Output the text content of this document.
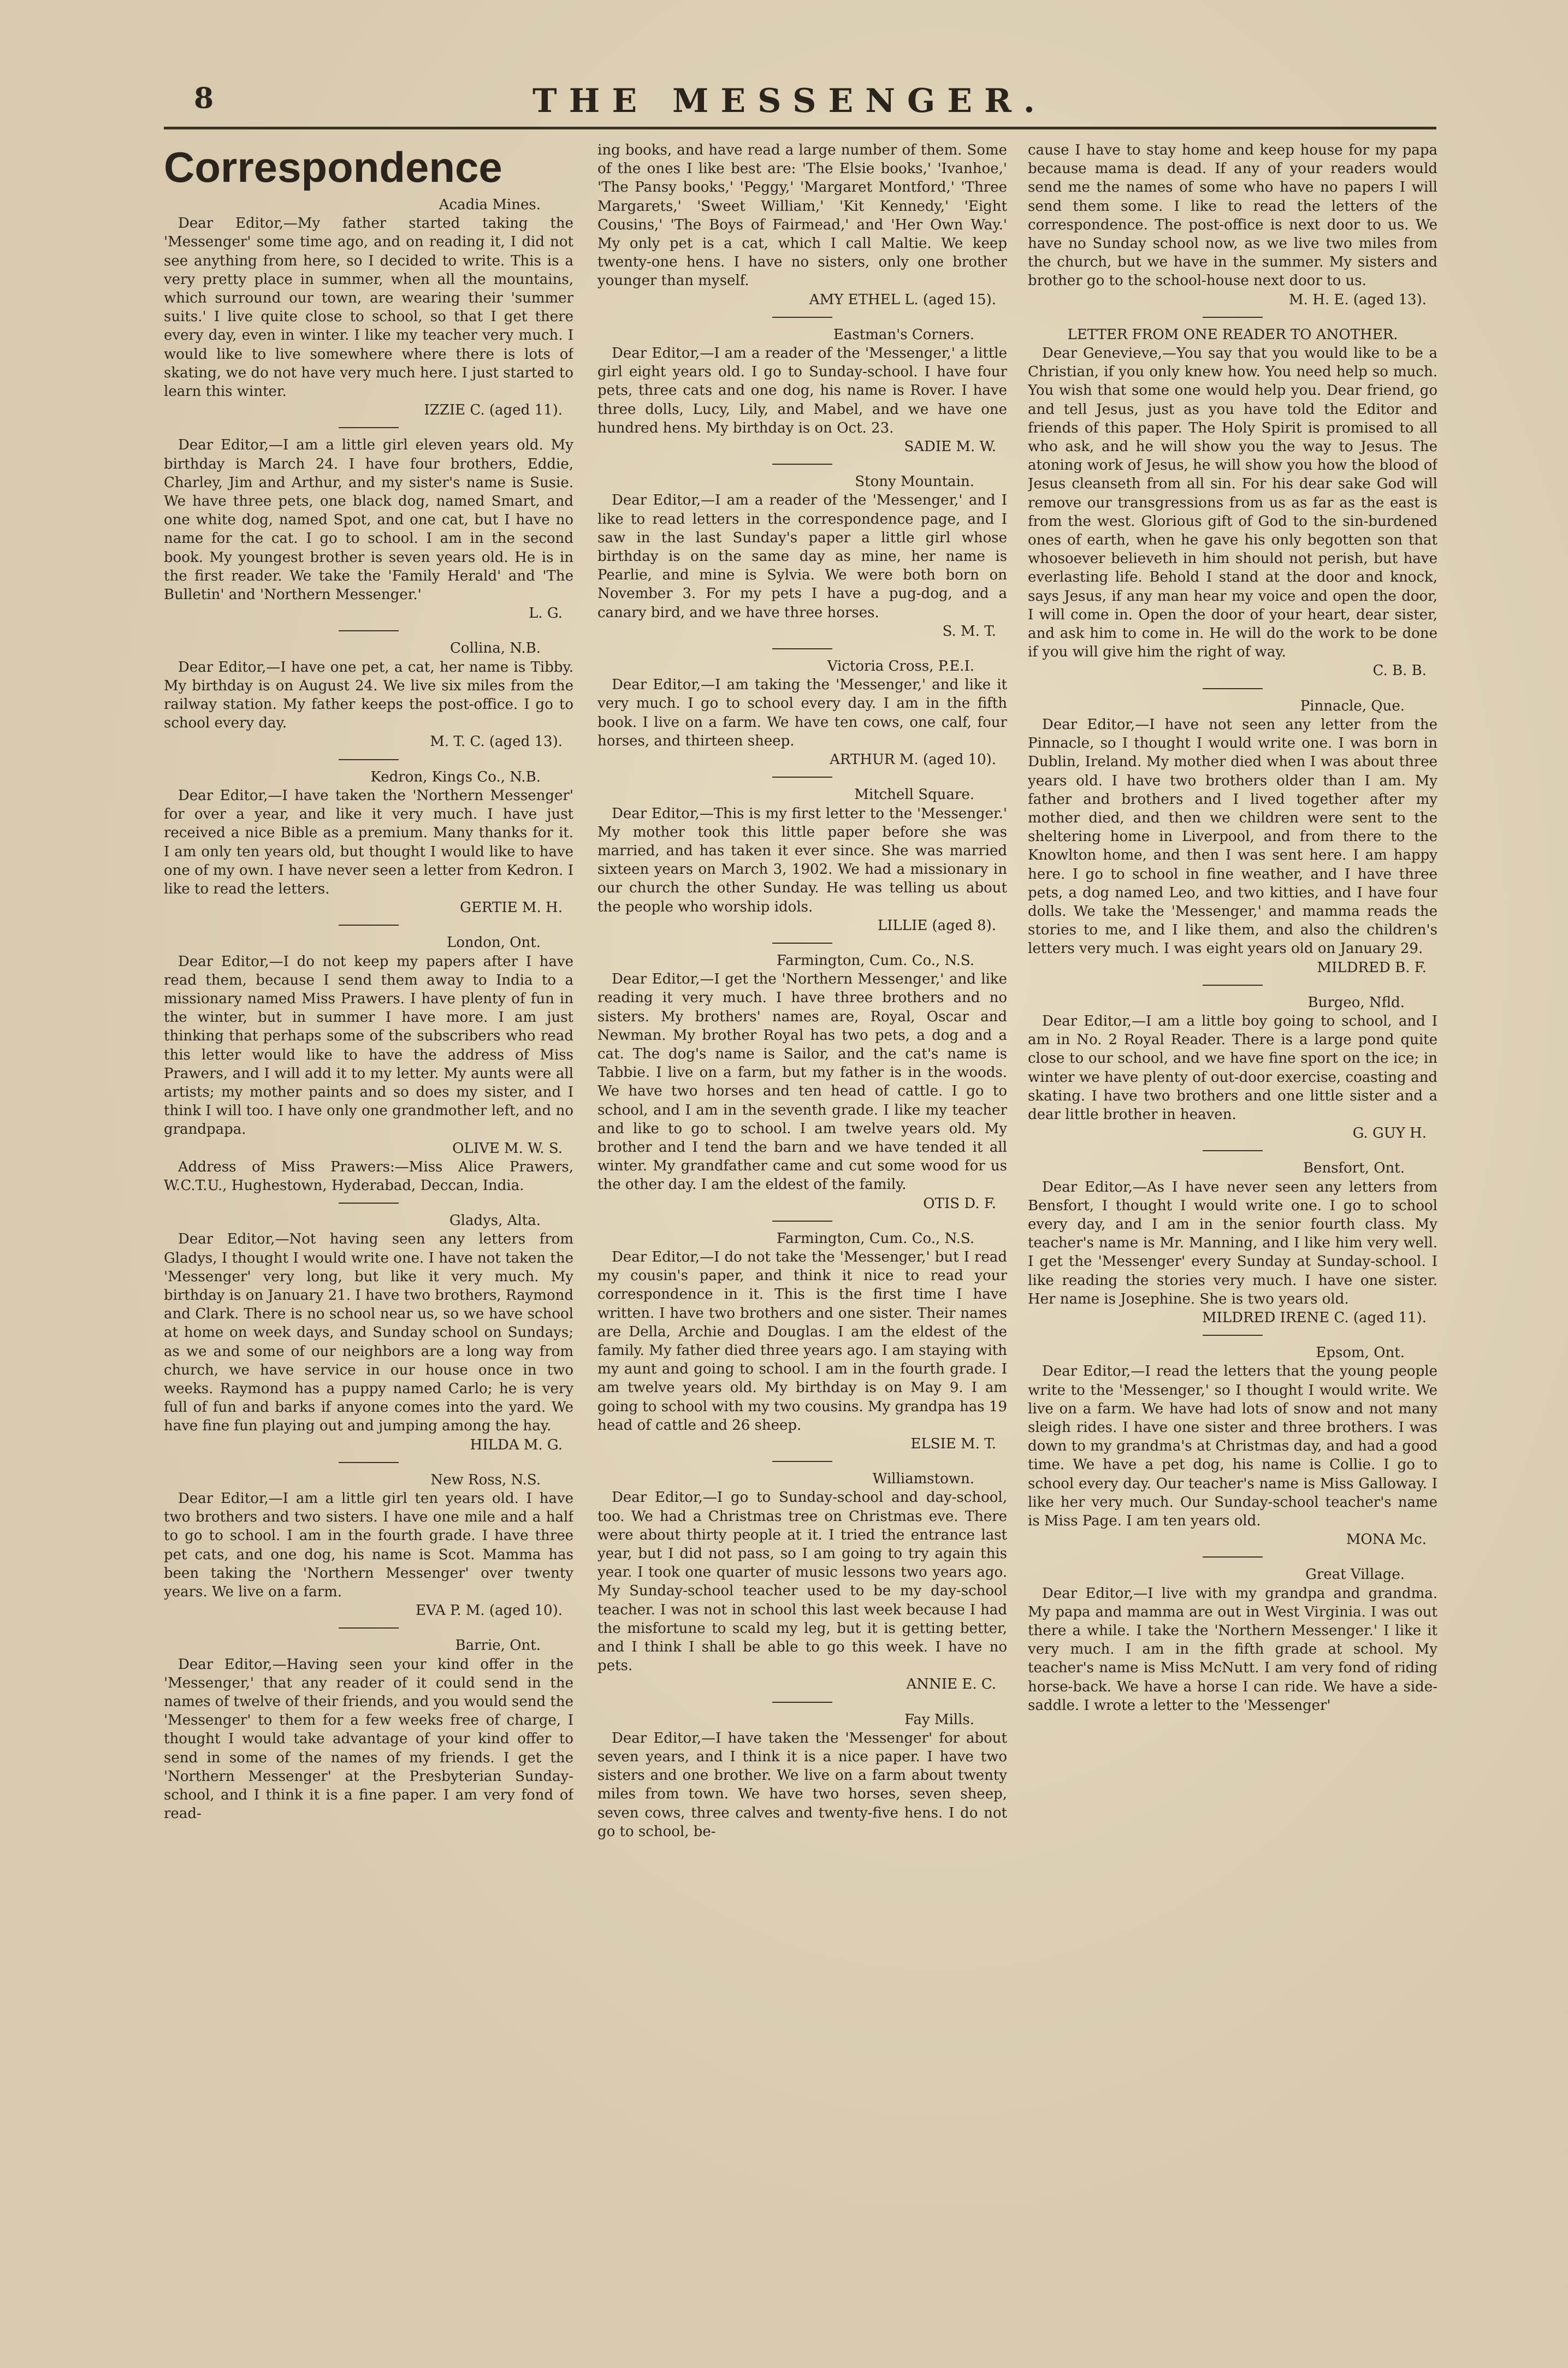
8	THE MESSENGER.
Correspondence

Acadia Mines.

Dear Editor,—My father started taking the 'Messenger' some time ago, and on reading it, I did not see anything from here, so I decided to write. This is a very pretty place in summer, when all the mountains, which surround our town, are wearing their 'summer suits.' I live quite close to school, so that I get there every day, even in winter. I like my teacher very much. I would like to live somewhere where there is lots of skating, we do not have very much here. I just started to learn this winter.

IZZIE C. (aged 11).

Dear Editor,—I am a little girl eleven years old. My birthday is March 24. I have four brothers, Eddie, Charley, Jim and Arthur, and my sister's name is Susie. We have three pets, one black dog, named Smart, and one white dog, named Spot, and one cat, but I have no name for the cat. I go to school. I am in the second book. My youngest brother is seven years old. He is in the first reader. We take the 'Family Herald' and 'The Bulletin' and 'Northern Messenger.'

L. G.

Collina, N.B.

Dear Editor,—I have one pet, a cat, her name is Tibby. My birthday is on August 24. We live six miles from the railway station. My father keeps the post-office. I go to school every day.

M. T. C. (aged 13).

Kedron, Kings Co., N.B.

Dear Editor,—I have taken the 'Northern Messenger' for over a year, and like it very much. I have just received a nice Bible as a premium. Many thanks for it. I am only ten years old, but thought I would like to have one of my own. I have never seen a letter from Kedron. I like to read the letters.

GERTIE M. H.

London, Ont.

Dear Editor,—I do not keep my papers after I have read them, because I send them away to India to a missionary named Miss Prawers. I have plenty of fun in the winter, but in summer I have more. I am just thinking that perhaps some of the subscribers who read this letter would like to have the address of Miss Prawers, and I will add it to my letter. My aunts were all artists; my mother paints and so does my sister, and I think I will too. I have only one grandmother left, and no grandpapa.

OLIVE M. W. S.

Address of Miss Prawers:—Miss Alice Prawers, W.C.T.U., Hughestown, Hyderabad, Deccan, India.

Gladys, Alta.

Dear Editor,—Not having seen any letters from Gladys, I thought I would write one. I have not taken the 'Messenger' very long, but like it very much. My birthday is on January 21. I have two brothers, Raymond and Clark. There is no school near us, so we have school at home on week days, and Sunday school on Sundays; as we and some of our neighbors are a long way from church, we have service in our house once in two weeks. Raymond has a puppy named Carlo; he is very full of fun and barks if anyone comes into the yard. We have fine fun playing out and jumping among the hay.

HILDA M. G.

New Ross, N.S.

Dear Editor,—I am a little girl ten years old. I have two brothers and two sisters. I have one mile and a half to go to school. I am in the fourth grade. I have three pet cats, and one dog, his name is Scot. Mamma has been taking the 'Northern Messenger' over twenty years. We live on a farm.

EVA P. M. (aged 10).

Barrie, Ont.

Dear Editor,—Having seen your kind offer in the 'Messenger,' that any reader of it could send in the names of twelve of their friends, and you would send the 'Messenger' to them for a few weeks free of charge, I thought I would take advantage of your kind offer to send in some of the names of my friends. I get the 'Northern Messenger' at the Presbyterian Sunday-school, and I think it is a fine paper. I am very fond of read-

ing books, and have read a large number of them. Some of the ones I like best are: 'The Elsie books,' 'Ivanhoe,' 'The Pansy books,' 'Peggy,' 'Margaret Montford,' 'Three Margarets,' 'Sweet William,' 'Kit Kennedy,' 'Eight Cousins,' 'The Boys of Fairmead,' and 'Her Own Way.' My only pet is a cat, which I call Maltie. We keep twenty-one hens. I have no sisters, only one brother younger than myself.

AMY ETHEL L. (aged 15).

Eastman's Corners.

Dear Editor,—I am a reader of the 'Messenger,' a little girl eight years old. I go to Sunday-school. I have four pets, three cats and one dog, his name is Rover. I have three dolls, Lucy, Lily, and Mabel, and we have one hundred hens. My birthday is on Oct. 23.

SADIE M. W.

Stony Mountain.

Dear Editor,—I am a reader of the 'Messenger,' and I like to read letters in the correspondence page, and I saw in the last Sunday's paper a little girl whose birthday is on the same day as mine, her name is Pearlie, and mine is Sylvia. We were both born on November 3. For my pets I have a pug-dog, and a canary bird, and we have three horses.

S. M. T.

Victoria Cross, P.E.I.

Dear Editor,—I am taking the 'Messenger,' and like it very much. I go to school every day. I am in the fifth book. I live on a farm. We have ten cows, one calf, four horses, and thirteen sheep.

ARTHUR M. (aged 10).

Mitchell Square.

Dear Editor,—This is my first letter to the 'Messenger.' My mother took this little paper before she was married, and has taken it ever since. She was married sixteen years on March 3, 1902. We had a missionary in our church the other Sunday. He was telling us about the people who worship idols.

LILLIE (aged 8).

Farmington, Cum. Co., N.S.

Dear Editor,—I get the 'Northern Messenger,' and like reading it very much. I have three brothers and no sisters. My brothers' names are, Royal, Oscar and Newman. My brother Royal has two pets, a dog and a cat. The dog's name is Sailor, and the cat's name is Tabbie. I live on a farm, but my father is in the woods. We have two horses and ten head of cattle. I go to school, and I am in the seventh grade. I like my teacher and like to go to school. I am twelve years old. My brother and I tend the barn and we have tended it all winter. My grandfather came and cut some wood for us the other day. I am the eldest of the family.

OTIS D. F.

Farmington, Cum. Co., N.S.

Dear Editor,—I do not take the 'Messenger,' but I read my cousin's paper, and think it nice to read your correspondence in it. This is the first time I have written. I have two brothers and one sister. Their names are Della, Archie and Douglas. I am the eldest of the family. My father died three years ago. I am staying with my aunt and going to school. I am in the fourth grade. I am twelve years old. My birthday is on May 9. I am going to school with my two cousins. My grandpa has 19 head of cattle and 26 sheep.

ELSIE M. T.

Williamstown.

Dear Editor,—I go to Sunday-school and day-school, too. We had a Christmas tree on Christmas eve. There were about thirty people at it. I tried the entrance last year, but I did not pass, so I am going to try again this year. I took one quarter of music lessons two years ago. My Sunday-school teacher used to be my day-school teacher. I was not in school this last week because I had the misfortune to scald my leg, but it is getting better, and I think I shall be able to go this week. I have no pets.

ANNIE E. C.

Fay Mills.

Dear Editor,—I have taken the 'Messenger' for about seven years, and I think it is a nice paper. I have two sisters and one brother. We live on a farm about twenty miles from town. We have two horses, seven sheep, seven cows, three calves and twenty-five hens. I do not go to school, be-

cause I have to stay home and keep house for my papa because mama is dead. If any of your readers would send me the names of some who have no papers I will send them some. I like to read the letters of the correspondence. The post-office is next door to us. We have no Sunday school now, as we live two miles from the church, but we have in the summer. My sisters and brother go to the school-house next door to us.

M. H. E. (aged 13).

LETTER FROM ONE READER TO ANOTHER.

Dear Genevieve,—You say that you would like to be a Christian, if you only knew how. You need help so much. You wish that some one would help you. Dear friend, go and tell Jesus, just as you have told the Editor and friends of this paper. The Holy Spirit is promised to all who ask, and he will show you the way to Jesus. The atoning work of Jesus, he will show you how the blood of Jesus cleanseth from all sin. For his dear sake God will remove our transgressions from us as far as the east is from the west. Glorious gift of God to the sin-burdened ones of earth, when he gave his only begotten son that whosoever believeth in him should not perish, but have everlasting life. Behold I stand at the door and knock, says Jesus, if any man hear my voice and open the door, I will come in. Open the door of your heart, dear sister, and ask him to come in. He will do the work to be done if you will give him the right of way.

C. B. B.

Pinnacle, Que.

Dear Editor,—I have not seen any letter from the Pinnacle, so I thought I would write one. I was born in Dublin, Ireland. My mother died when I was about three years old. I have two brothers older than I am. My father and brothers and I lived together after my mother died, and then we children were sent to the sheltering home in Liverpool, and from there to the Knowlton home, and then I was sent here. I am happy here. I go to school in fine weather, and I have three pets, a dog named Leo, and two kitties, and I have four dolls. We take the 'Messenger,' and mamma reads the stories to me, and I like them, and also the children's letters very much. I was eight years old on January 29.

MILDRED B. F.

Burgeo, Nfld.

Dear Editor,—I am a little boy going to school, and I am in No. 2 Royal Reader. There is a large pond quite close to our school, and we have fine sport on the ice; in winter we have plenty of out-door exercise, coasting and skating. I have two brothers and one little sister and a dear little brother in heaven.

G. GUY H.

Bensfort, Ont.

Dear Editor,—As I have never seen any letters from Bensfort, I thought I would write one. I go to school every day, and I am in the senior fourth class. My teacher's name is Mr. Manning, and I like him very well. I get the 'Messenger' every Sunday at Sunday-school. I like reading the stories very much. I have one sister. Her name is Josephine. She is two years old.

MILDRED IRENE C. (aged 11).

Epsom, Ont.

Dear Editor,—I read the letters that the young people write to the 'Messenger,' so I thought I would write. We live on a farm. We have had lots of snow and not many sleigh rides. I have one sister and three brothers. I was down to my grandma's at Christmas day, and had a good time. We have a pet dog, his name is Collie. I go to school every day. Our teacher's name is Miss Galloway. I like her very much. Our Sunday-school teacher's name is Miss Page. I am ten years old.

MONA Mc.

Great Village.

Dear Editor,—I live with my grandpa and grandma. My papa and mamma are out in West Virginia. I was out there a while. I take the 'Northern Messenger.' I like it very much. I am in the fifth grade at school. My teacher's name is Miss McNutt. I am very fond of riding horse-back. We have a horse I can ride. We have a side-saddle. I wrote a letter to the 'Messenger'
